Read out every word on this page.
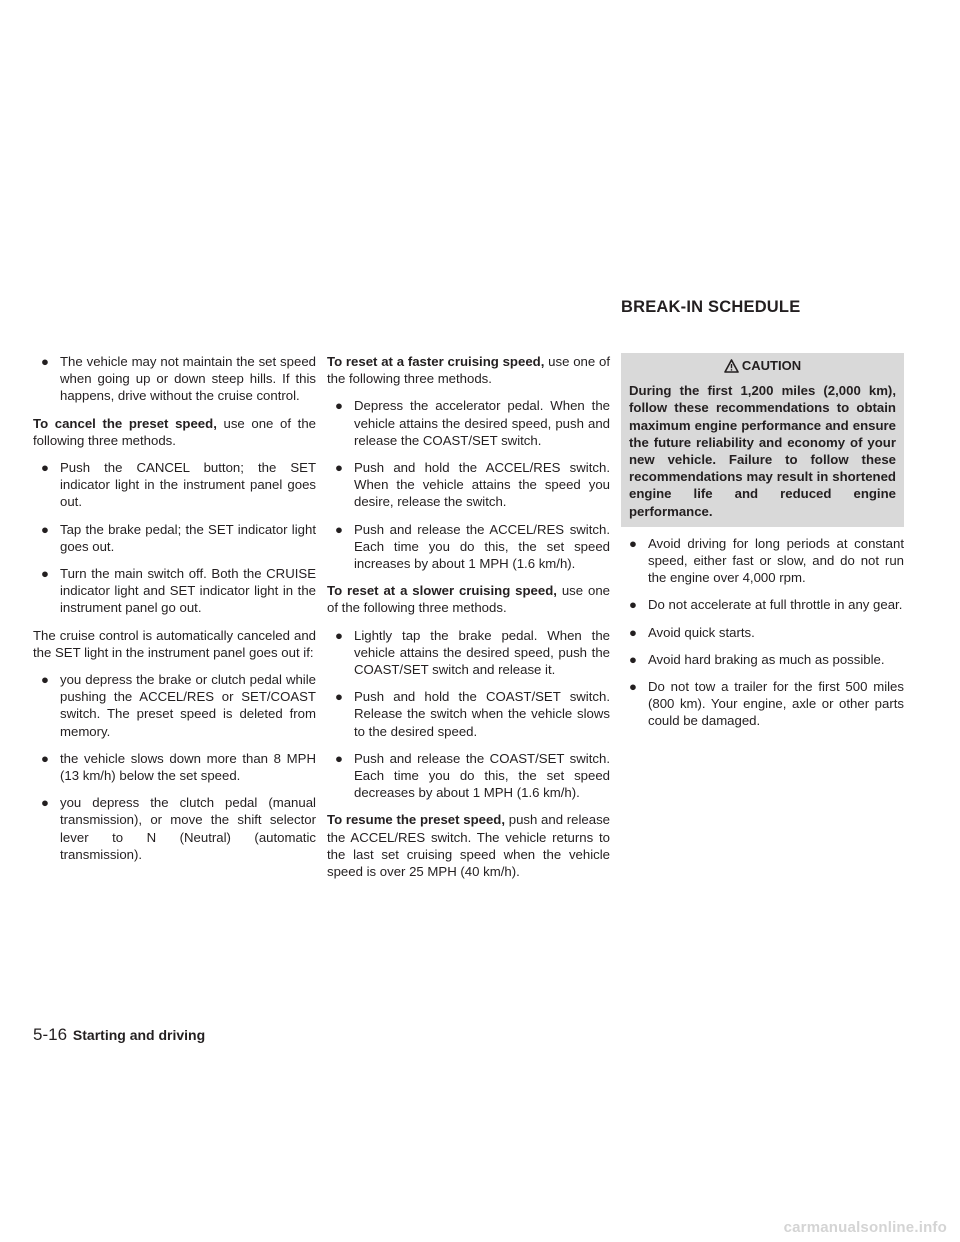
BREAK-IN SCHEDULE
● The vehicle may not maintain the set speed when going up or down steep hills. If this happens, drive without the cruise control.

To cancel the preset speed, use one of the following three methods.

● Push the CANCEL button; the SET indicator light in the instrument panel goes out.
● Tap the brake pedal; the SET indicator light goes out.
● Turn the main switch off. Both the CRUISE indicator light and SET indicator light in the instrument panel go out.

The cruise control is automatically canceled and the SET light in the instrument panel goes out if:

● you depress the brake or clutch pedal while pushing the ACCEL/RES or SET/COAST switch. The preset speed is deleted from memory.
● the vehicle slows down more than 8 MPH (13 km/h) below the set speed.
● you depress the clutch pedal (manual transmission), or move the shift selector lever to N (Neutral) (automatic transmission).

To reset at a faster cruising speed, use one of the following three methods.

● Depress the accelerator pedal. When the vehicle attains the desired speed, push and release the COAST/SET switch.
● Push and hold the ACCEL/RES switch. When the vehicle attains the speed you desire, release the switch.
● Push and release the ACCEL/RES switch. Each time you do this, the set speed increases by about 1 MPH (1.6 km/h).

To reset at a slower cruising speed, use one of the following three methods.

● Lightly tap the brake pedal. When the vehicle attains the desired speed, push the COAST/SET switch and release it.
● Push and hold the COAST/SET switch. Release the switch when the vehicle slows to the desired speed.
● Push and release the COAST/SET switch. Each time you do this, the set speed decreases by about 1 MPH (1.6 km/h).

To resume the preset speed, push and release the ACCEL/RES switch. The vehicle returns to the last set cruising speed when the vehicle speed is over 25 MPH (40 km/h).

CAUTION
During the first 1,200 miles (2,000 km), follow these recommendations to obtain maximum engine performance and ensure the future reliability and economy of your new vehicle. Failure to follow these recommendations may result in shortened engine life and reduced engine performance.
● Avoid driving for long periods at constant speed, either fast or slow, and do not run the engine over 4,000 rpm.
● Do not accelerate at full throttle in any gear.
● Avoid quick starts.
● Avoid hard braking as much as possible.
● Do not tow a trailer for the first 500 miles (800 km). Your engine, axle or other parts could be damaged.
5-16 Starting and driving
carmanualsonline.info
